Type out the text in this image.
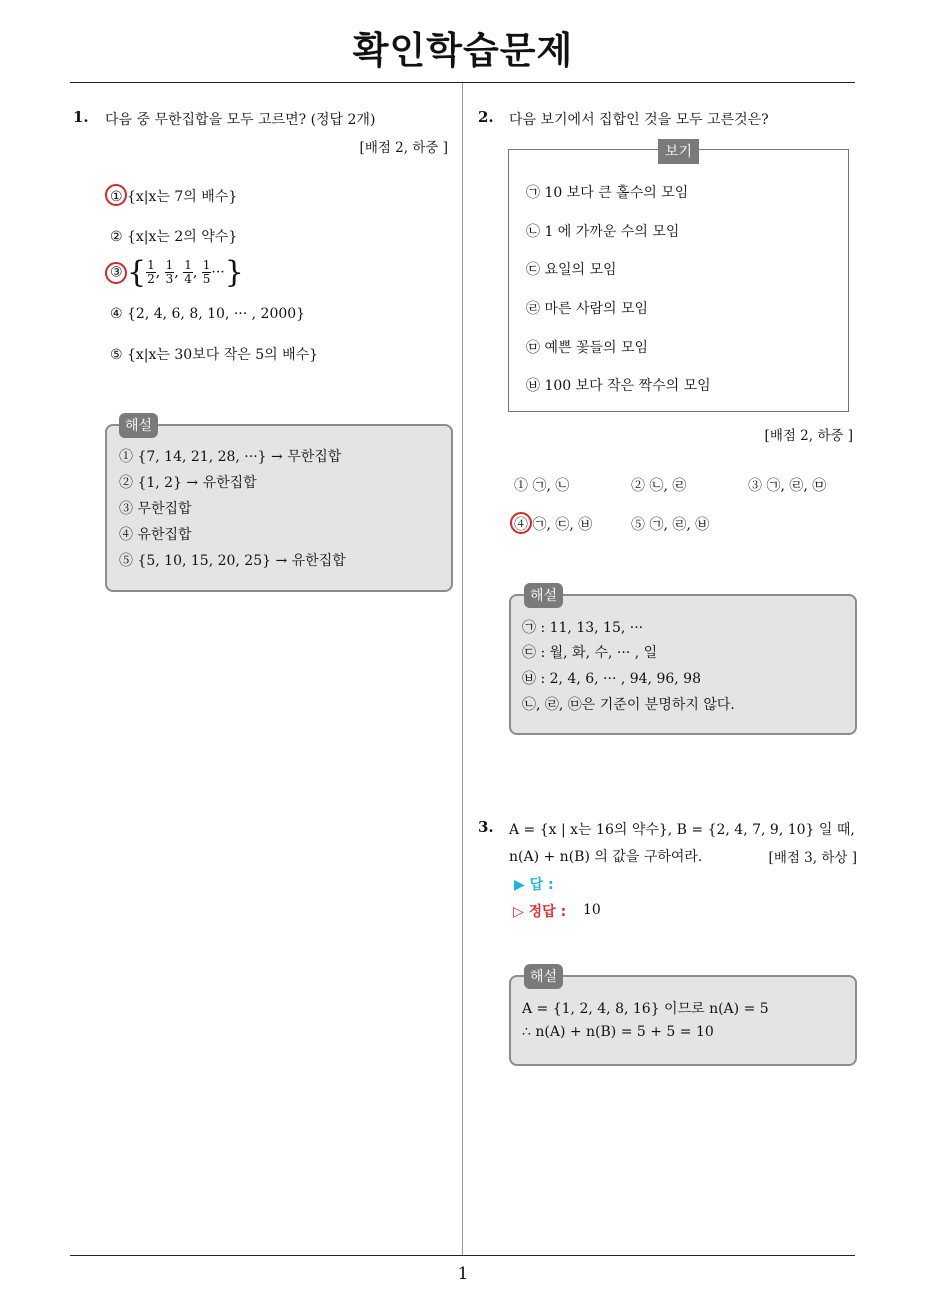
확인학습문제
1
1. 다음 중 무한집합을 모두 고르면? (정답 2개)
[배점 2, 하중 ]
① {x|x는 7의 배수}
② {x|x는 2의 약수}
③ { $\frac{1}{2}$ , $\frac{1}{3}$ , $\frac{1}{4}$ , $\frac{1}{5}$ ···}
④ {2, 4, 6, 8, 10, ··· , 2000}
⑤ {x|x는 30보다 작은 5의 배수}
해설
① {7, 14, 21, 28, ···} → 무한집합
② {1, 2} → 유한집합
③ 무한집합
④ 유한집합
⑤ {5, 10, 15, 20, 25} → 유한집합
2. 다음 보기에서 집합인 것을 모두 고른것은?
보기
㉠ 10 보다 큰 홀수의 모임
㉡ 1 에 가까운 수의 모임
㉢ 요일의 모임
㉣ 마른 사람의 모임
㉤ 예쁜 꽃들의 모임
㉥ 100 보다 작은 짝수의 모임
[배점 2, 하중 ]
① ㉠, ㉡	② ㉡, ㉣	③ ㉠, ㉣, ㉤
④ ㉠, ㉢, ㉥	⑤ ㉠, ㉣, ㉥
해설
㉠ : 11, 13, 15, ···
㉢ : 월, 화, 수, ··· , 일
㉥ : 2, 4, 6, ··· , 94, 96, 98
㉡, ㉣, ㉤은 기준이 분명하지 않다.
3. A = {x | x는 16의 약수}, B = {2, 4, 7, 9, 10} 일 때,
n(A) + n(B) 의 값을 구하여라.	[배점 3, 하상 ]
▶ 답 :
▷ 정답 : 10
해설
A = {1, 2, 4, 8, 16} 이므로 n(A) = 5
∴ n(A) + n(B) = 5 + 5 = 10
